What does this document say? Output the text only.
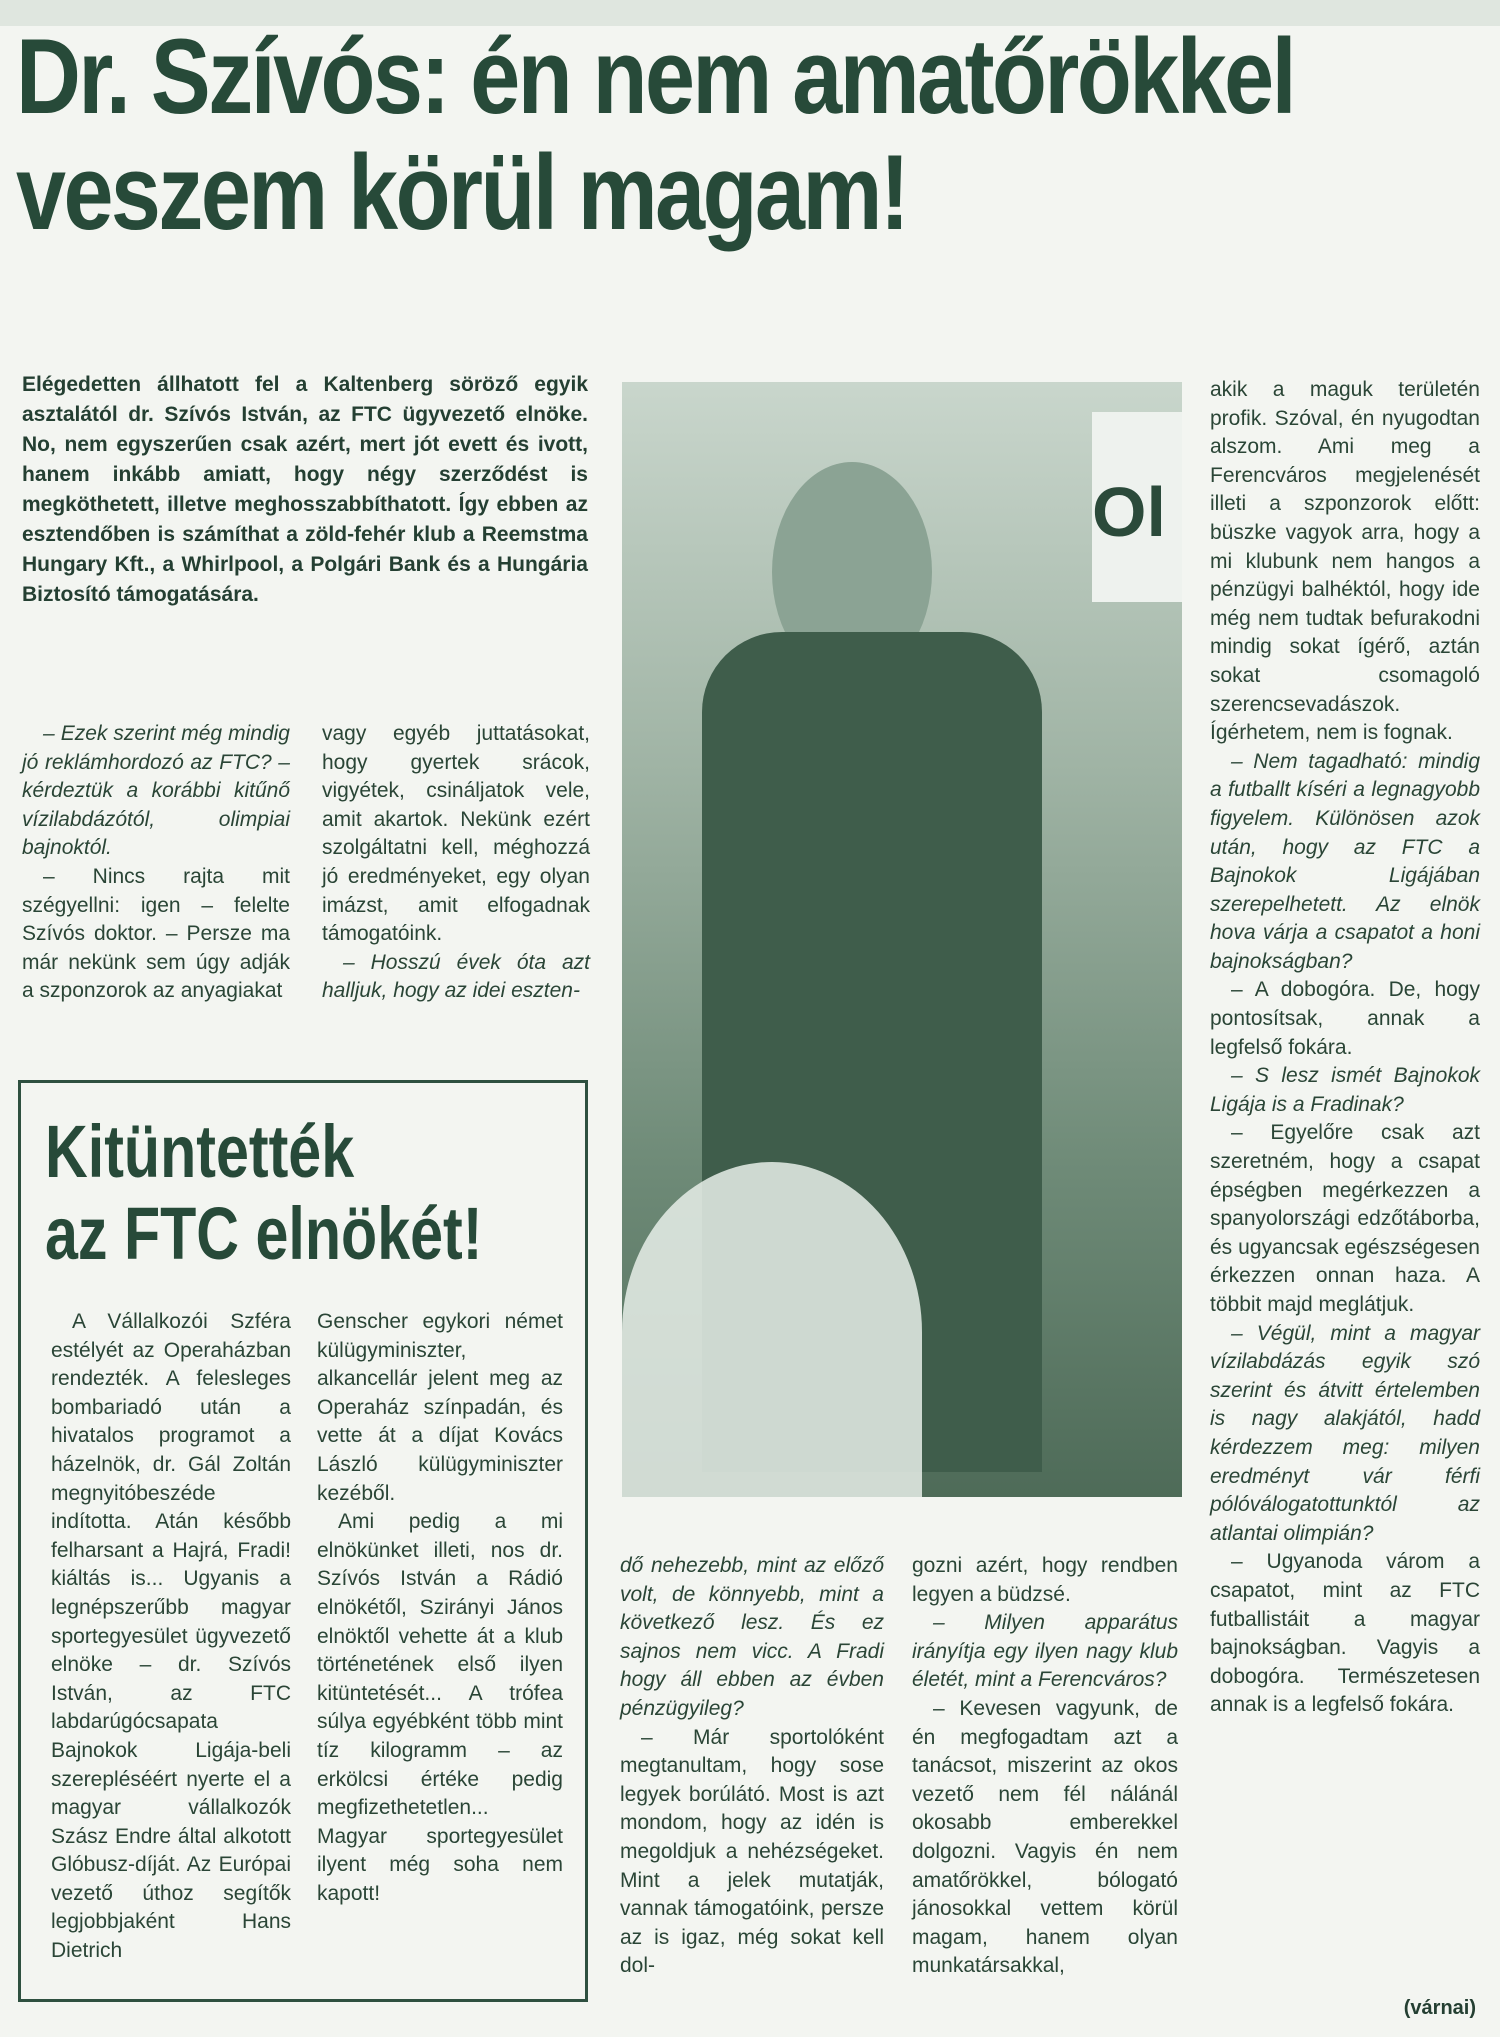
Dr. Szívós: én nem amatőrökkel
veszem körül magam!

Elégedetten állhatott fel a Kaltenberg söröző egyik asztalától dr. Szívós István, az FTC ügyvezető elnöke. No, nem egyszerűen csak azért, mert jót evett és ivott, hanem inkább amiatt, hogy négy szerződést is megköthetett, illetve meghosszabbíthatott. Így ebben az esztendőben is számíthat a zöld-fehér klub a Reemstma Hungary Kft., a Whirlpool, a Polgári Bank és a Hungária Biztosító támogatására.

– Ezek szerint még mindig jó reklámhordozó az FTC? – kérdeztük a korábbi kitűnő vízilabdázótól, olimpiai bajnoktól.

– Nincs rajta mit szégyellni: igen – felelte Szívós doktor. – Persze ma már nekünk sem úgy adják a szponzorok az anyagiakat

vagy egyéb juttatásokat, hogy gyertek srácok, vigyétek, csináljatok vele, amit akartok. Nekünk ezért szolgáltatni kell, méghozzá jó eredményeket, egy olyan imázst, amit elfogadnak támogatóink.

– Hosszú évek óta azt halljuk, hogy az idei eszten-

Ol

dő nehezebb, mint az előző volt, de könnyebb, mint a következő lesz. És ez sajnos nem vicc. A Fradi hogy áll ebben az évben pénzügyileg?

– Már sportolóként megtanultam, hogy sose legyek borúlátó. Most is azt mondom, hogy az idén is megoldjuk a nehézségeket. Mint a jelek mutatják, vannak támogatóink, persze az is igaz, még sokat kell dol-

gozni azért, hogy rendben legyen a büdzsé.

– Milyen apparátus irányítja egy ilyen nagy klub életét, mint a Ferencváros?

– Kevesen vagyunk, de én megfogadtam azt a tanácsot, miszerint az okos vezető nem fél nálánál okosabb emberekkel dolgozni. Vagyis én nem amatőrökkel, bólogató jánosokkal vettem körül magam, hanem olyan munkatársakkal,

akik a maguk területén profik. Szóval, én nyugodtan alszom. Ami meg a Ferencváros megjelenését illeti a szponzorok előtt: büszke vagyok arra, hogy a mi klubunk nem hangos a pénzügyi balhéktól, hogy ide még nem tudtak befurakodni mindig sokat ígérő, aztán sokat csomagoló szerencsevadászok. Ígérhetem, nem is fognak.

– Nem tagadható: mindig a futballt kíséri a legnagyobb figyelem. Különösen azok után, hogy az FTC a Bajnokok Ligájában szerepelhetett. Az elnök hova várja a csapatot a honi bajnokságban?

– A dobogóra. De, hogy pontosítsak, annak a legfelső fokára.

– S lesz ismét Bajnokok Ligája is a Fradinak?

– Egyelőre csak azt szeretném, hogy a csapat épségben megérkezzen a spanyolországi edzőtáborba, és ugyancsak egészségesen érkezzen onnan haza. A többit majd meglátjuk.

– Végül, mint a magyar vízilabdázás egyik szó szerint és átvitt értelemben is nagy alakjától, hadd kérdezzem meg: milyen eredményt vár férfi pólóválogatottunktól az atlantai olimpián?

– Ugyanoda várom a csapatot, mint az FTC futballistáit a magyar bajnokságban. Vagyis a dobogóra. Természetesen annak is a legfelső fokára.

(várnai)
Kitüntették
az FTC elnökét!

A Vállalkozói Szféra estélyét az Operaházban rendezték. A felesleges bombariadó után a hivatalos programot a házelnök, dr. Gál Zoltán megnyitóbeszéde indította. Atán később felharsant a Hajrá, Fradi! kiáltás is... Ugyanis a legnépszerűbb magyar sportegyesület ügyvezető elnöke – dr. Szívós István, az FTC labdarúgócsapata Bajnokok Ligája-beli szerepléséért nyerte el a magyar vállalkozók Szász Endre által alkotott Glóbusz-díját. Az Európai vezető úthoz segítők legjobbjaként Hans Dietrich

Genscher egykori német külügyminiszter, alkancellár jelent meg az Operaház színpadán, és vette át a díjat Kovács László külügyminiszter kezéből.

Ami pedig a mi elnökünket illeti, nos dr. Szívós István a Rádió elnökétől, Szirányi János elnöktől vehette át a klub történetének első ilyen kitüntetését... A trófea súlya egyébként több mint tíz kilogramm – az erkölcsi értéke pedig megfizethetetlen... Magyar sportegyesület ilyent még soha nem kapott!
